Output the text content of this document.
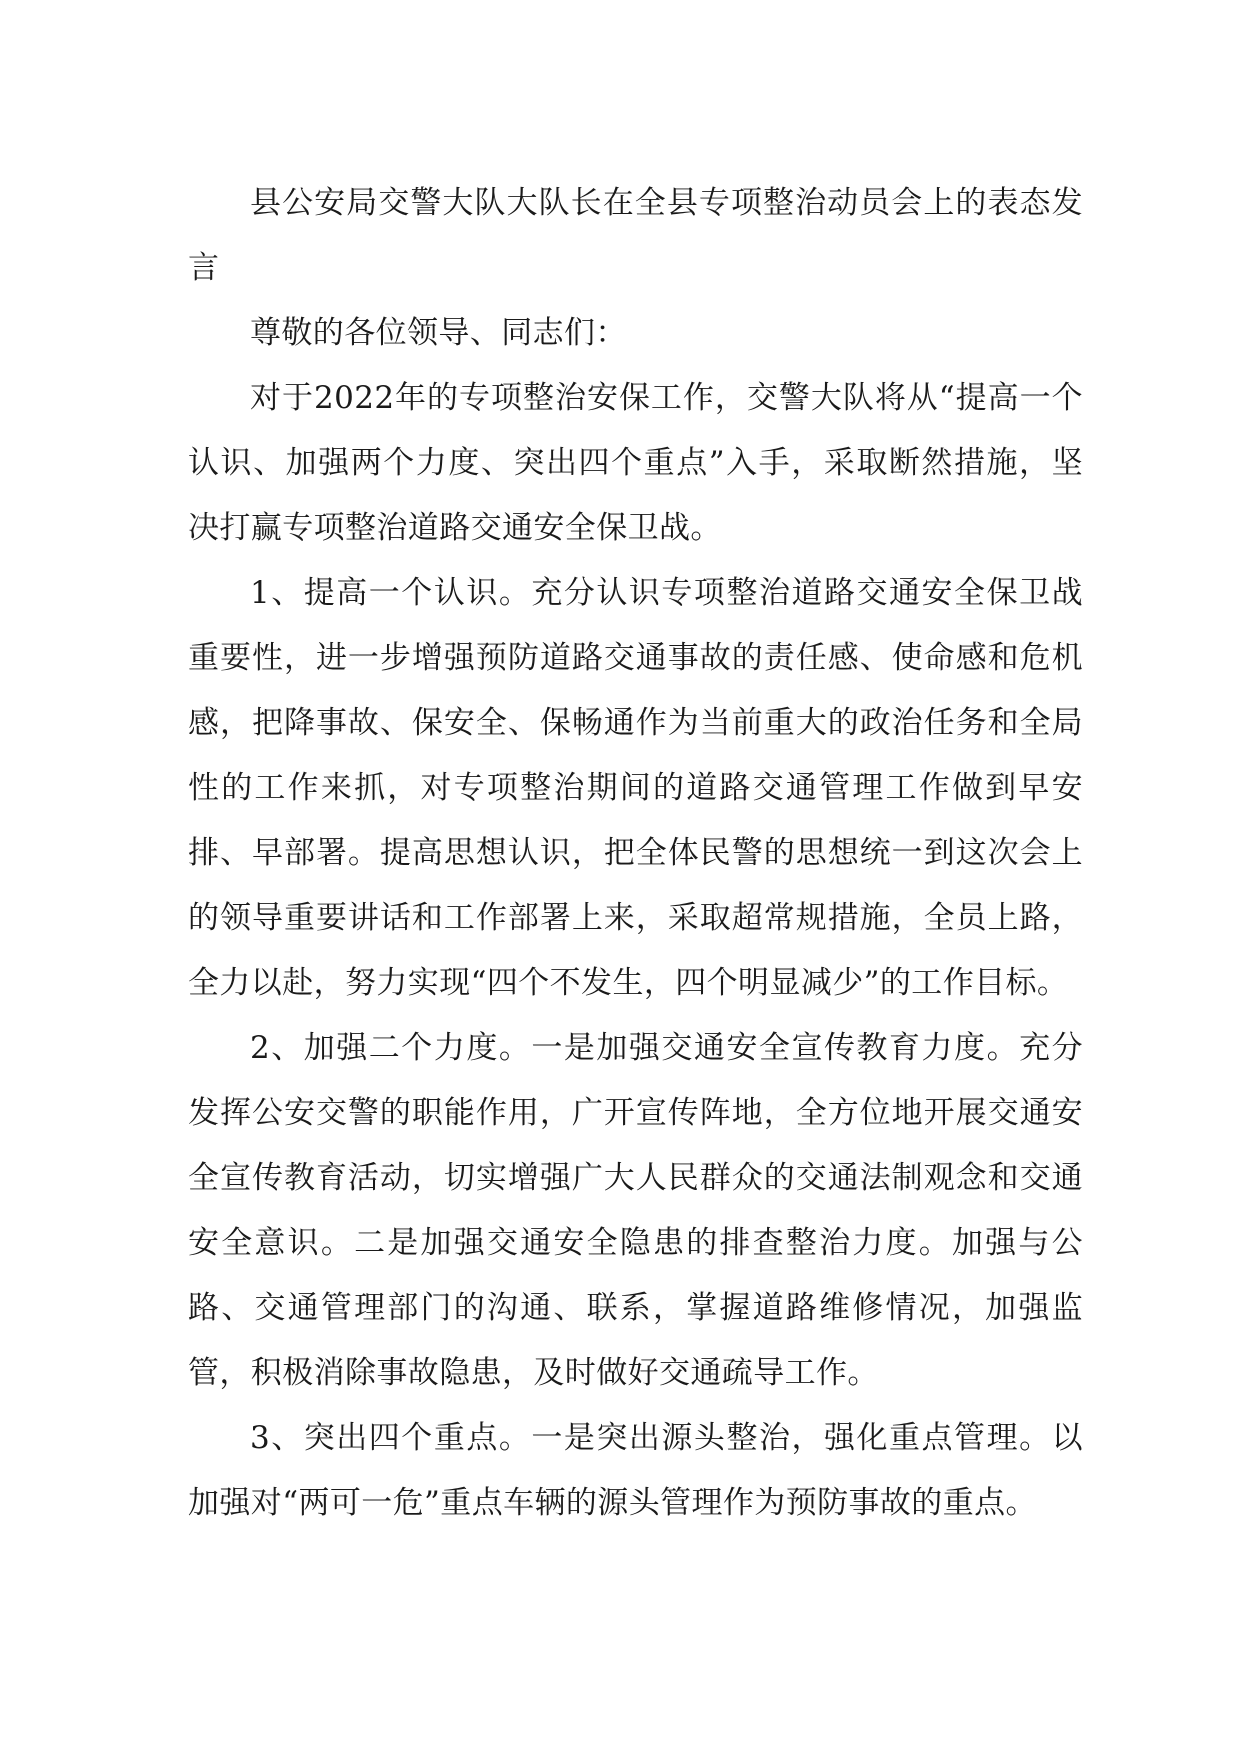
县公安局交警大队大队长在全县专项整治动员会上的表态发言

尊敬的各位领导、同志们：

对于2022年的专项整治安保工作，交警大队将从“提高一个认识、加强两个力度、突出四个重点”入手，采取断然措施，坚决打赢专项整治道路交通安全保卫战。

1、提高一个认识。充分认识专项整治道路交通安全保卫战重要性，进一步增强预防道路交通事故的责任感、使命感和危机感，把降事故、保安全、保畅通作为当前重大的政治任务和全局性的工作来抓，对专项整治期间的道路交通管理工作做到早安排、早部署。提高思想认识，把全体民警的思想统一到这次会上的领导重要讲话和工作部署上来，采取超常规措施，全员上路，全力以赴，努力实现“四个不发生，四个明显减少”的工作目标。

2、加强二个力度。一是加强交通安全宣传教育力度。充分发挥公安交警的职能作用，广开宣传阵地，全方位地开展交通安全宣传教育活动，切实增强广大人民群众的交通法制观念和交通安全意识。二是加强交通安全隐患的排查整治力度。加强与公路、交通管理部门的沟通、联系，掌握道路维修情况，加强监管，积极消除事故隐患，及时做好交通疏导工作。

3、突出四个重点。一是突出源头整治，强化重点管理。以加强对“两可一危”重点车辆的源头管理作为预防事故的重点。
